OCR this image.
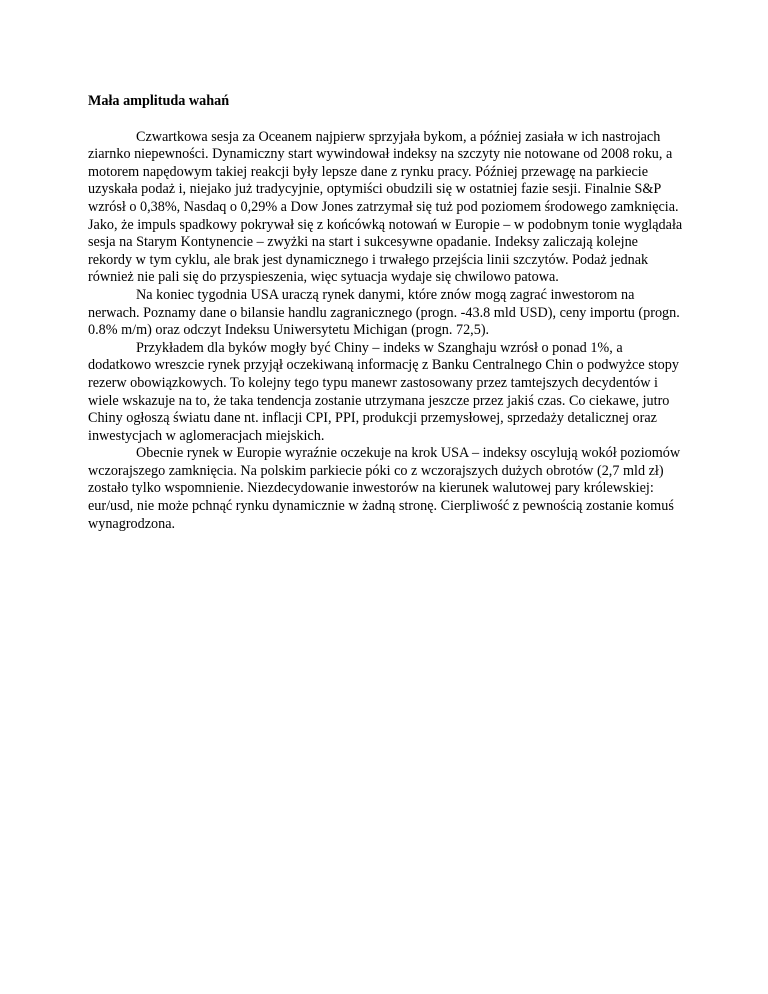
Mała amplituda wahań

Czwartkowa sesja za Oceanem najpierw sprzyjała bykom, a później zasiała w ich nastrojach ziarnko niepewności. Dynamiczny start wywindował indeksy na szczyty nie notowane od 2008 roku, a motorem napędowym takiej reakcji były lepsze dane z rynku pracy. Później przewagę na parkiecie uzyskała podaż i, niejako już tradycyjnie, optymiści obudzili się w ostatniej fazie sesji. Finalnie S&P wzrósł o 0,38%, Nasdaq o 0,29% a Dow Jones zatrzymał się tuż pod poziomem środowego zamknięcia. Jako, że impuls spadkowy pokrywał się z końcówką notowań w Europie – w podobnym tonie wyglądała sesja na Starym Kontynencie – zwyżki na start i sukcesywne opadanie. Indeksy zaliczają kolejne rekordy w tym cyklu, ale brak jest dynamicznego i trwałego przejścia linii szczytów. Podaż jednak również nie pali się do przyspieszenia, więc sytuacja wydaje się chwilowo patowa.

Na koniec tygodnia USA uraczą rynek danymi, które znów mogą zagrać inwestorom na nerwach. Poznamy dane o bilansie handlu zagranicznego (progn. -43.8 mld USD), ceny importu (progn. 0.8% m/m) oraz odczyt Indeksu Uniwersytetu Michigan (progn. 72,5).

Przykładem dla byków mogły być Chiny – indeks w Szanghaju wzrósł o ponad 1%, a dodatkowo wreszcie rynek przyjął oczekiwaną informację z Banku Centralnego Chin o podwyżce stopy rezerw obowiązkowych. To kolejny tego typu manewr zastosowany przez tamtejszych decydentów i wiele wskazuje na to, że taka tendencja zostanie utrzymana jeszcze przez jakiś czas. Co ciekawe, jutro Chiny ogłoszą światu dane nt. inflacji CPI, PPI, produkcji przemysłowej, sprzedaży detalicznej oraz inwestycjach w aglomeracjach miejskich.

Obecnie rynek w Europie wyraźnie oczekuje na krok USA – indeksy oscylują wokół poziomów wczorajszego zamknięcia. Na polskim parkiecie póki co z wczorajszych dużych obrotów (2,7 mld zł) zostało tylko wspomnienie. Niezdecydowanie inwestorów na kierunek walutowej pary królewskiej: eur/usd, nie może pchnąć rynku dynamicznie w żadną stronę. Cierpliwość z pewnością zostanie komuś wynagrodzona.
